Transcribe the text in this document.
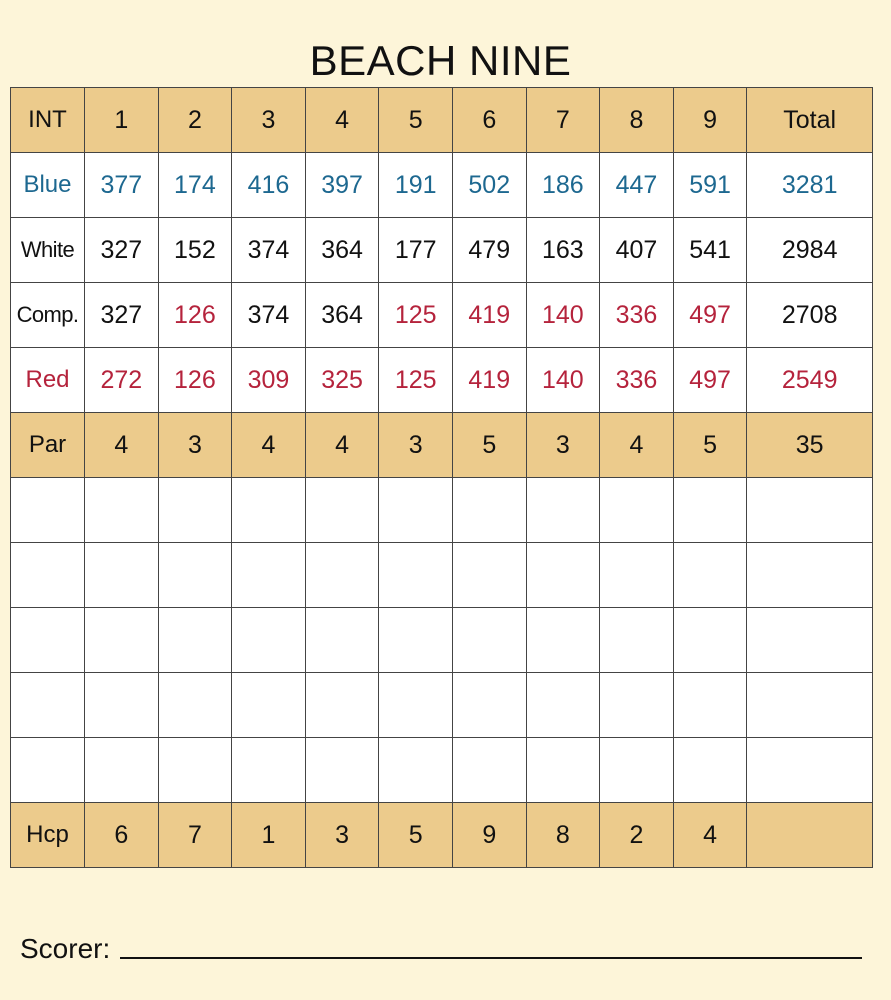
BEACH NINE
INT	1	2	3	4	5	6	7	8	9	Total
Blue	377	174	416	397	191	502	186	447	591	3281
White	327	152	374	364	177	479	163	407	541	2984
Comp.	327	126	374	364	125	419	140	336	497	2708
Red	272	126	309	325	125	419	140	336	497	2549
Par	4	3	4	4	3	5	3	4	5	35

Hcp	6	7	1	3	5	9	8	2	4	
Scorer:
